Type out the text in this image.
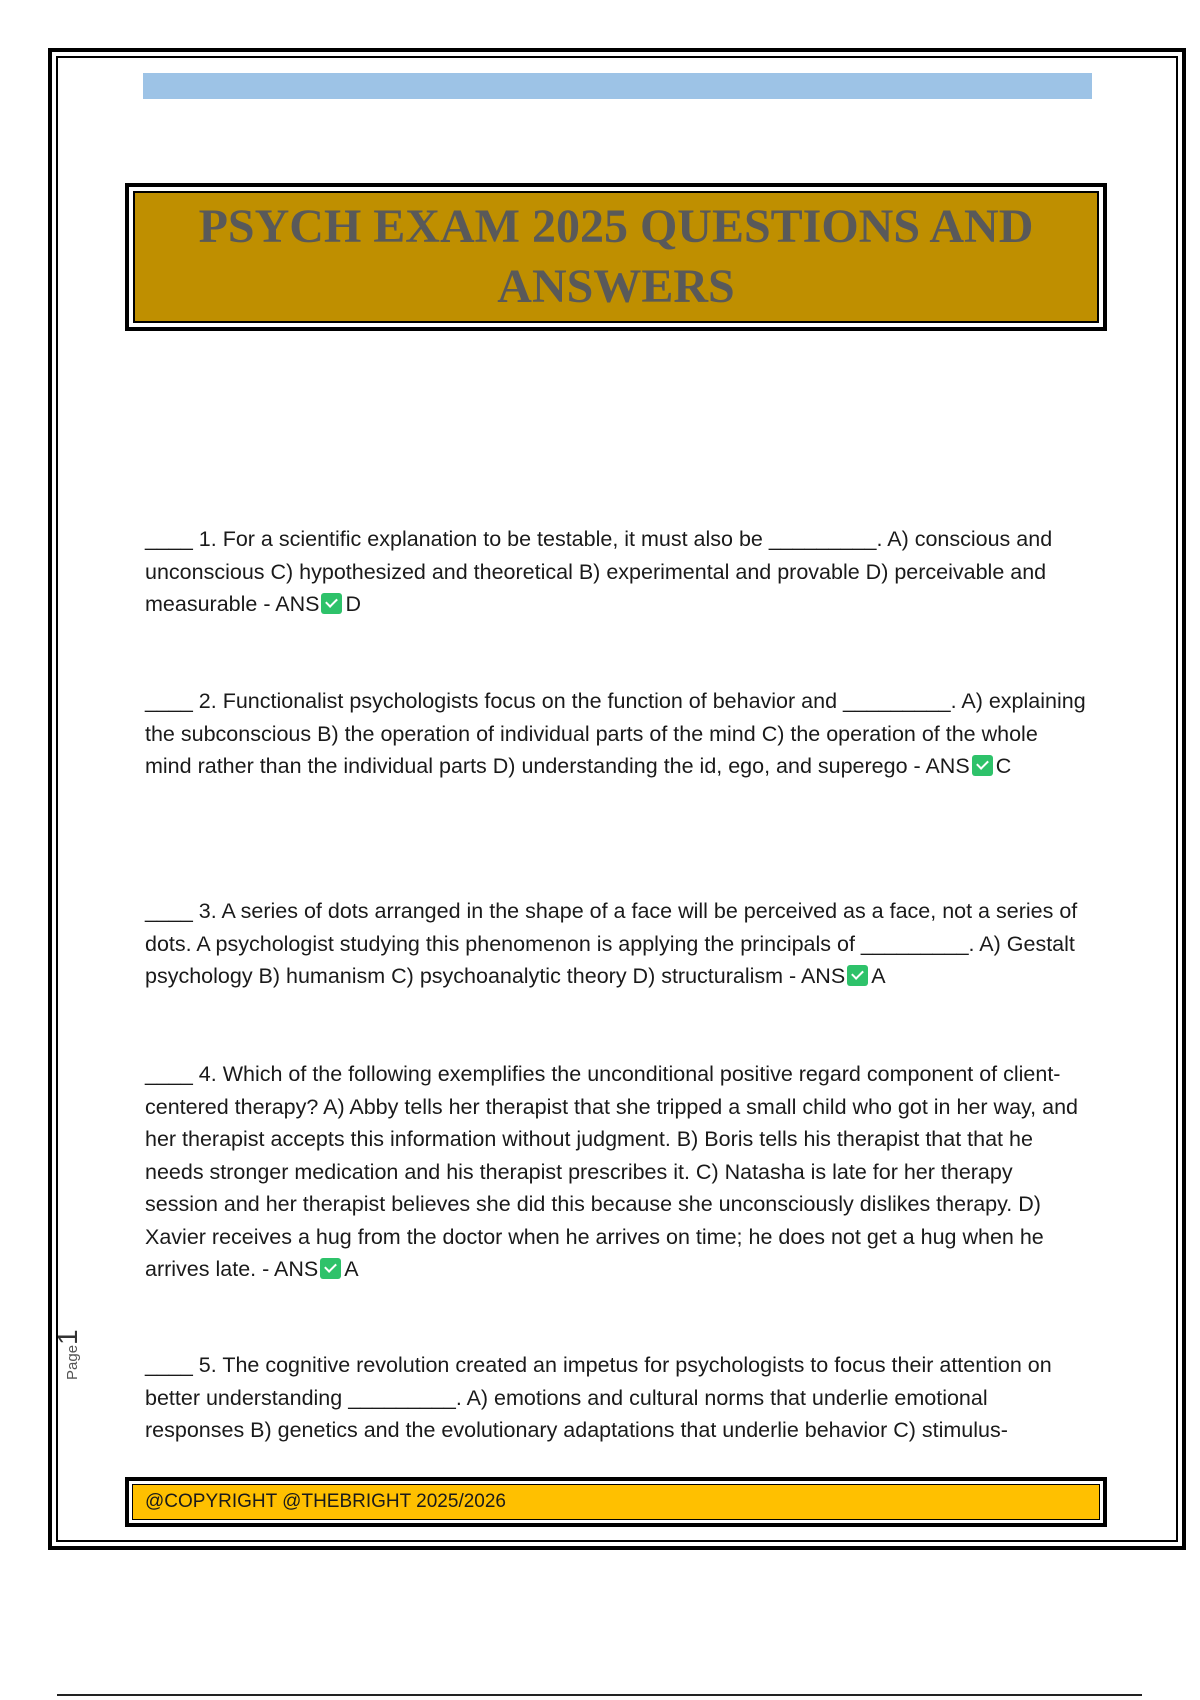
PSYCH EXAM 2025 QUESTIONS AND ANSWERS

____ 1. For a scientific explanation to be testable, it must also be _________. A) conscious and unconscious C) hypothesized and theoretical B) experimental and provable D) perceivable and measurable - ANS D

____ 2. Functionalist psychologists focus on the function of behavior and _________. A) explaining the subconscious B) the operation of individual parts of the mind C) the operation of the whole mind rather than the individual parts D) understanding the id, ego, and superego - ANS C

____ 3. A series of dots arranged in the shape of a face will be perceived as a face, not a series of dots. A psychologist studying this phenomenon is applying the principals of _________. A) Gestalt psychology B) humanism C) psychoanalytic theory D) structuralism - ANS A

____ 4. Which of the following exemplifies the unconditional positive regard component of client-centered therapy? A) Abby tells her therapist that she tripped a small child who got in her way, and her therapist accepts this information without judgment. B) Boris tells his therapist that that he needs stronger medication and his therapist prescribes it. C) Natasha is late for her therapy session and her therapist believes she did this because she unconsciously dislikes therapy. D) Xavier receives a hug from the doctor when he arrives on time; he does not get a hug when he arrives late. - ANS A

____ 5. The cognitive revolution created an impetus for psychologists to focus their attention on better understanding _________. A) emotions and cultural norms that underlie emotional responses B) genetics and the evolutionary adaptations that underlie behavior C) stimulus-

Page1
@COPYRIGHT @THEBRIGHT 2025/2026
